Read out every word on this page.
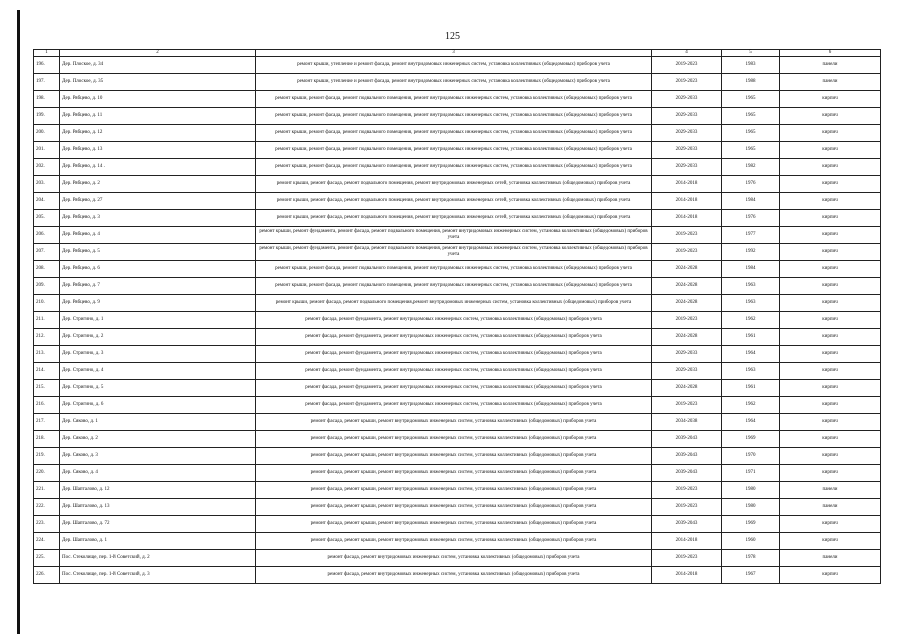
125
1	2	3	4	5	6
196.	Дер. Плоское, д. 34	ремонт крыши, утепление и ремонт фасада, ремонт внутридомовых инженерных систем, установка коллективных (общедомовых) приборов учета	2019-2023	1983	панели
197.	Дер. Плоское, д. 35	ремонт крыши, утепление и ремонт фасада, ремонт внутридомовых инженерных систем, установка коллективных (общедомовых) приборов учета	2019-2023	1988	панели
198.	Дер. Рябцево, д. 10	ремонт крыши, ремонт фасада, ремонт подвального помещения, ремонт внутридомовых инженерных систем, установка коллективных (общедомовых) приборов учета	2029-2033	1965	кирпич
199.	Дер. Рябцево, д. 11	ремонт крыши, ремонт фасада, ремонт подвального помещения, ремонт внутридомовых инженерных систем, установка коллективных (общедомовых) приборов учета	2029-2033	1965	кирпич
200.	Дер. Рябцево, д. 12	ремонт крыши, ремонт фасада, ремонт подвального помещения, ремонт внутридомовых инженерных систем, установка коллективных (общедомовых) приборов учета	2029-2033	1965	кирпич
201.	Дер. Рябцево, д. 13	ремонт крыши, ремонт фасада, ремонт подвального помещения, ремонт внутридомовых инженерных систем, установка коллективных (общедомовых) приборов учета	2029-2033	1965	кирпич
202.	Дер. Рябцево, д. 14 .	ремонт крыши, ремонт фасада, ремонт подвального помещения, ремонт внутридомовых инженерных систем, установка коллективных (общедомовых) приборов учета	2029-2033	1982	кирпич
203.	Дер. Рябцево, д. 2	ремонт крыши, ремонт фасада, ремонт подвального помещения, ремонт внутридомовых инженерных сетей, установка коллективных (общедомовых) приборов учета	2014-2018	1976	кирпич
204.	Дер. Рябцево, д. 27	ремонт крыши, ремонт фасада, ремонт подвального помещения, ремонт внутридомовых инженерных сетей, установка коллективных (общедомовых) приборов учета	2014-2018	1984	кирпич
205.	Дер. Рябцево, д. 3	ремонт крыши, ремонт фасада, ремонт подвального помещения, ремонт внутридомовых инженерных сетей, установка коллективных (общедомовых) приборов учета	2014-2018	1976	кирпич
206.	Дер. Рябцево, д. 4	ремонт крыши, ремонт фундамента, ремонт фасада, ремонт подвального помещения, ремонт внутридомовых инженерных систем, установка коллективных (общедомовых) приборов учета	2019-2023	1977	кирпич
207.	Дер. Рябцево, д. 5	ремонт крыши, ремонт фундамента, ремонт фасада, ремонт подвального помещения, ремонт внутридомовых инженерных систем, установка коллективных (общедомовых) приборов учета	2019-2023	1992	кирпич
208.	Дер. Рябцево, д. 6	ремонт крыши, ремонт фасада, ремонт подвального помещения, ремонт внутридомовых инженерных систем, установка коллективных (общедомовых) приборов учета	2024-2028	1984	кирпич
209.	Дер. Рябцево, д. 7	ремонт крыши, ремонт фасада, ремонт подвального помещения, ремонт внутридомовых инженерных систем, установка коллективных (общедомовых) приборов учета	2024-2028	1963	кирпич
210.	Дер. Рябцево, д. 9	ремонт крыши, ремонт фасада, ремонт подвального помещения,ремонт внутридомовых инженерных систем, установка коллективных (общедомовых) приборов учета	2024-2028	1963	кирпич
211.	Дер. Стригино, д. 1	ремонт фасада, ремонт фундамента, ремонт внутридомовых инженерных систем, установка коллективных (общедомовых) приборов учета	2019-2023	1962	кирпич
212.	Дер. Стригино, д. 2	ремонт фасада, ремонт фундамента, ремонт внутридомовых инженерных систем, установка коллективных (общедомовых) приборов учета	2024-2028	1961	кирпич
213.	Дер. Стригино, д. 3	ремонт фасада, ремонт фундамента, ремонт внутридомовых инженерных систем, установка коллективных (общедомовых) приборов учета	2029-2033	1964	кирпич
214.	Дер. Стригино, д. 4	ремонт фасада, ремонт фундамента, ремонт внутридомовых инженерных систем, установка коллективных (общедомовых) приборов учета	2029-2033	1963	кирпич
215.	Дер. Стригино, д. 5	ремонт фасада, ремонт фундамента, ремонт внутридомовых инженерных систем, установка коллективных (общедомовых) приборов учета	2024-2028	1961	кирпич
216.	Дер. Стригино, д. 6	ремонт фасада, ремонт фундамента, ремонт внутридомовых инженерных систем, установка коллективных (общедомовых) приборов учета	2019-2023	1962	кирпич
217.	Дер. Сяково, д. 1	ремонт фасада, ремонт крыши, ремонт внутридомовых инженерных систем, установка коллективных (общедомовых) приборов учета	2034-2038	1964	кирпич
218.	Дер. Сяково, д. 2	ремонт фасада, ремонт крыши, ремонт внутридомовых инженерных систем, установка коллективных (общедомовых) приборов учета	2039-2043	1969	кирпич
219.	Дер. Сяково, д. 3	ремонт фасада, ремонт крыши, ремонт внутридомовых инженерных систем, установка коллективных (общедомовых) приборов учета	2039-2043	1970	кирпич
220.	Дер. Сяково, д. 4	ремонт фасада, ремонт крыши, ремонт внутридомовых инженерных систем, установка коллективных (общедомовых) приборов учета	2039-2043	1971	кирпич
221.	Дер. Шапталово, д. 12	ремонт фасада, ремонт крыши, ремонт внутридомовых инженерных систем, установка коллективных (общедомовых) приборов учета	2019-2023	1980	панели
222.	Дер. Шапталово, д. 13	ремонт фасада, ремонт крыши, ремонт внутридомовых инженерных систем, установка коллективных (общедомовых) приборов учета	2019-2023	1980	панели
223.	Дер. Шапталово, д. 72	ремонт фасада, ремонт крыши, ремонт внутридомовых инженерных систем, установка коллективных (общедомовых) приборов учета	2039-2043	1969	кирпич
224.	Дер. Шапталово, д. 1	ремонт фасада, ремонт крыши, ремонт внутридомовых инженерных систем, установка коллективных (общедомовых) приборов учета	2014-2018	1960	кирпич
225.	Пос. Стеколище, пер. 1-й Советский, д. 2	ремонт фасада, ремонт внутридомовых инженерных систем, установка коллективных (общедомовых) приборов учета	2019-2023	1978	панели
226.	Пос. Стеколище, пер. 1-й Советский, д. 3	ремонт фасада, ремонт внутридомовых инженерных систем, установка коллективных (общедомовых) приборов учета	2014-2018	1967	кирпич
